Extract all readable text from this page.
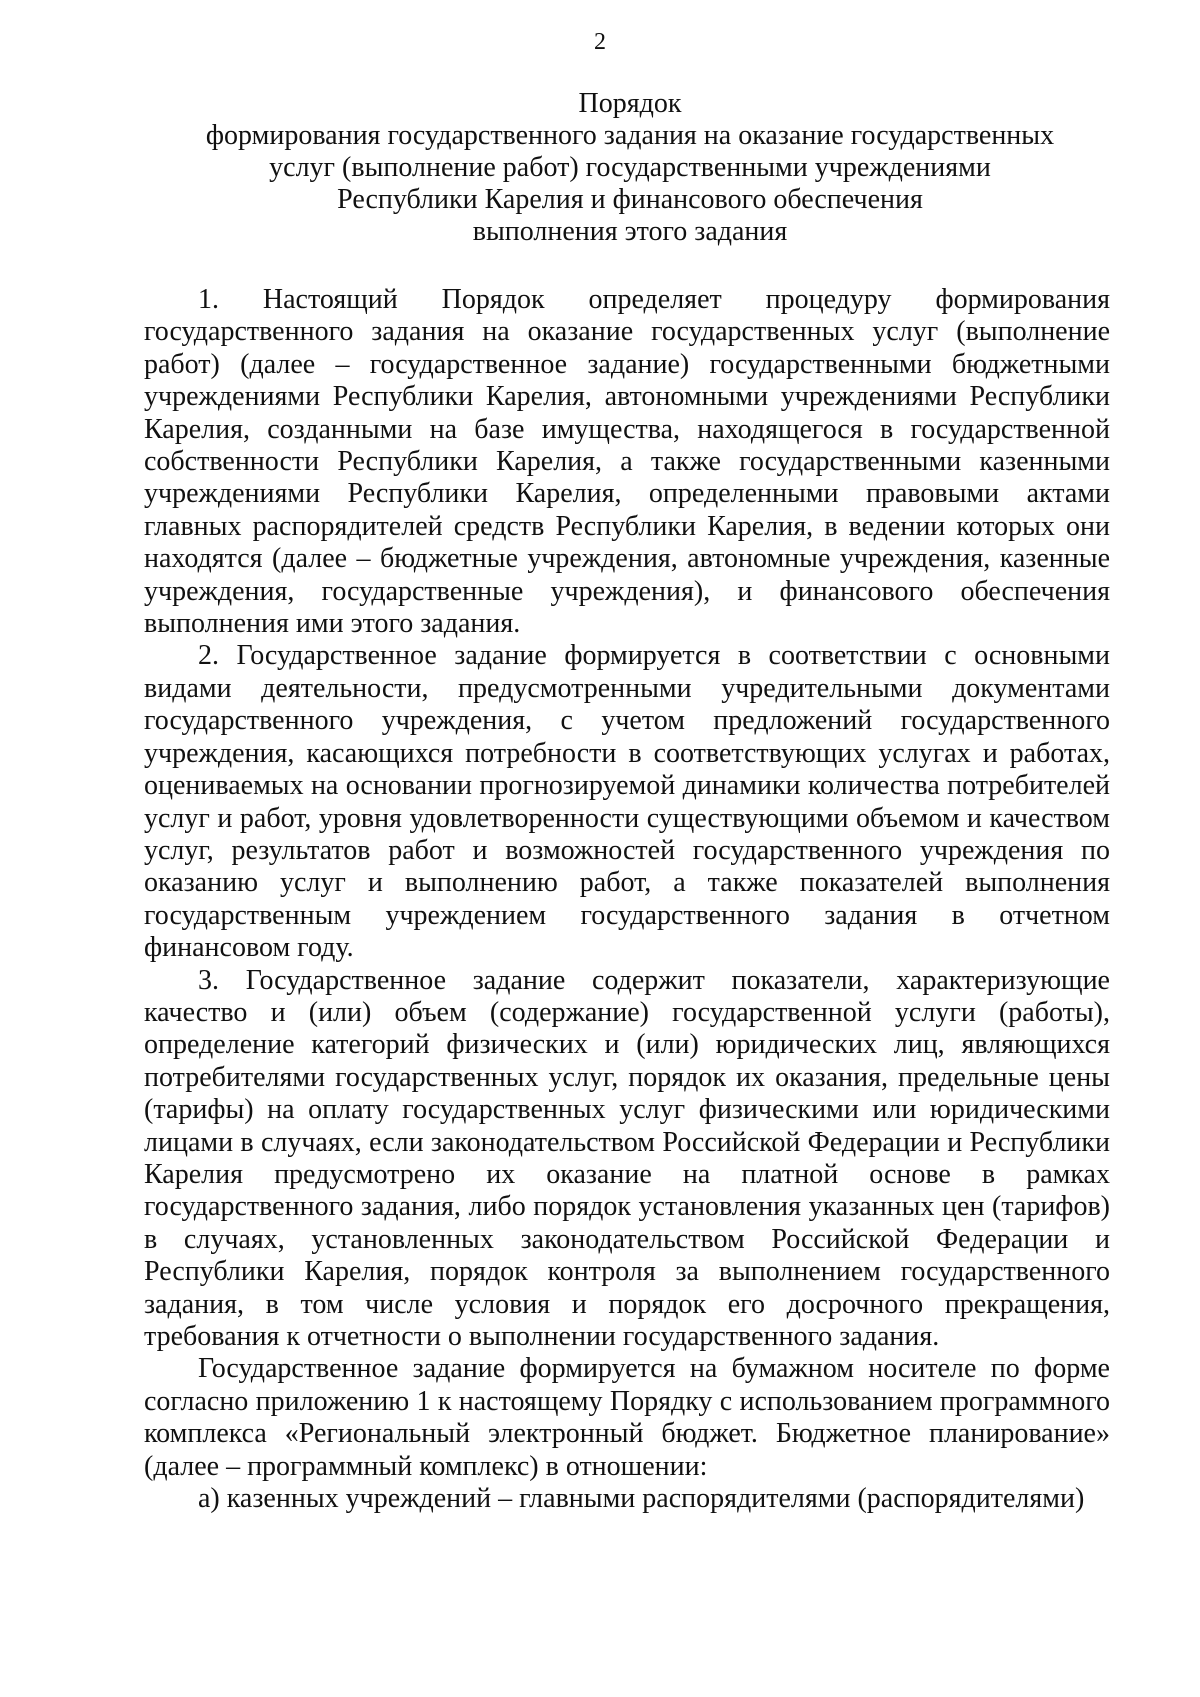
2
Порядок
формирования государственного задания на оказание государственных
услуг (выполнение работ) государственными учреждениями
Республики Карелия и финансового обеспечения
выполнения этого задания

1. Настоящий Порядок определяет процедуру формирования государственного задания на оказание государственных услуг (выполнение работ) (далее – государственное задание) государственными бюджетными учреждениями Республики Карелия, автономными учреждениями Республики Карелия, созданными на базе имущества, находящегося в государственной собственности Республики Карелия, а также государственными казенными учреждениями Республики Карелия, определенными правовыми актами главных распорядителей средств Республики Карелия, в ведении которых они находятся (далее – бюджетные учреждения, автономные учреждения, казенные учреждения, государственные учреждения), и финансового обеспечения выполнения ими этого задания.

2. Государственное задание формируется в соответствии с основными видами деятельности, предусмотренными учредительными документами государственного учреждения, с учетом предложений государственного учреждения, касающихся потребности в соответствующих услугах и работах, оцениваемых на основании прогнозируемой динамики количества потребителей услуг и работ, уровня удовлетворенности существующими объемом и качеством услуг, результатов работ и возможностей государственного учреждения по оказанию услуг и выполнению работ, а также показателей выполнения государственным учреждением государственного задания в отчетном финансовом году.

3. Государственное задание содержит показатели, характеризующие качество и (или) объем (содержание) государственной услуги (работы), определение категорий физических и (или) юридических лиц, являющихся потребителями государственных услуг, порядок их оказания, предельные цены (тарифы) на оплату государственных услуг физическими или юридическими лицами в случаях, если законодательством Российской Федерации и Республики Карелия предусмотрено их оказание на платной основе в рамках государственного задания, либо порядок установления указанных цен (тарифов) в случаях, установленных законодательством Российской Федерации и Республики Карелия, порядок контроля за выполнением государственного задания, в том числе условия и порядок его досрочного прекращения, требования к отчетности о выполнении государственного задания.

Государственное задание формируется на бумажном носителе по форме согласно приложению 1 к настоящему Порядку с использованием программного комплекса «Региональный электронный бюджет. Бюджетное планирование» (далее – программный комплекс) в отношении:

а) казенных учреждений – главными распорядителями (распорядителями)
